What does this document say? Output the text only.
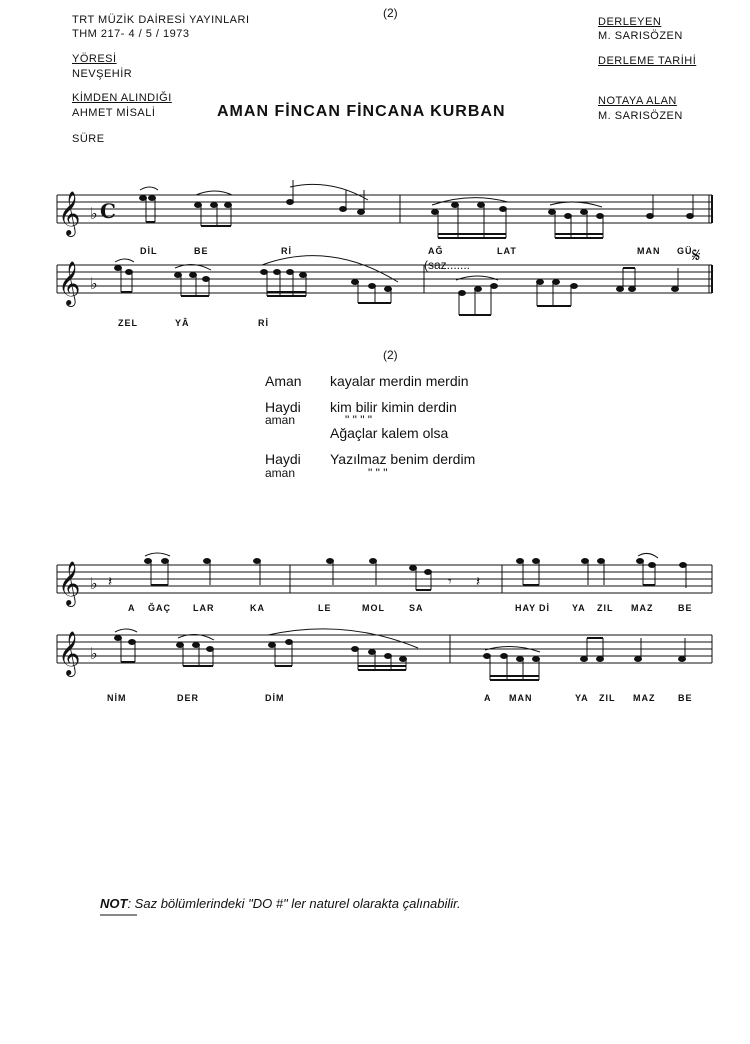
TRT MÜZİK DAİRESİ YAYINLARI
THM 217- 4 / 5 / 1973
(2)
YÖRESİ
NEVŞEHİR
KİMDEN ALINDIĞI
AHMET MİSALİ
SÜRE
DERLEYEN
M. SARISÖZEN
DERLEME TARİHİ
NOTAYA ALAN
M. SARISÖZEN
AMAN FİNCAN FİNCANA KURBAN
𝄞 ♭ C
𝄞 ♭
𝄞 ♭
𝄞 ♭
𝄋
𝄽	𝄾 𝄽
DİL	BE	Rİ	AĞ	LAT	MAN GÜ
(saz.......
ZEL	YÂ	Rİ
(2)
Aman kayalar merdin merdin
Haydi kim bilir kimin derdin
aman	" " " "
Ağaçlar kalem olsa
Haydi Yazılmaz benim derdim
aman	" " "
A ĞAÇ LAR	KA	LE	MOL	SA	HAY Dİ YA ZIL MAZ	BE
NİM	DER	DİM	A MAN	YA ZIL MAZ	BE
NOT: Saz bölümlerindeki "DO #" ler naturel olarakta çalınabilir.
